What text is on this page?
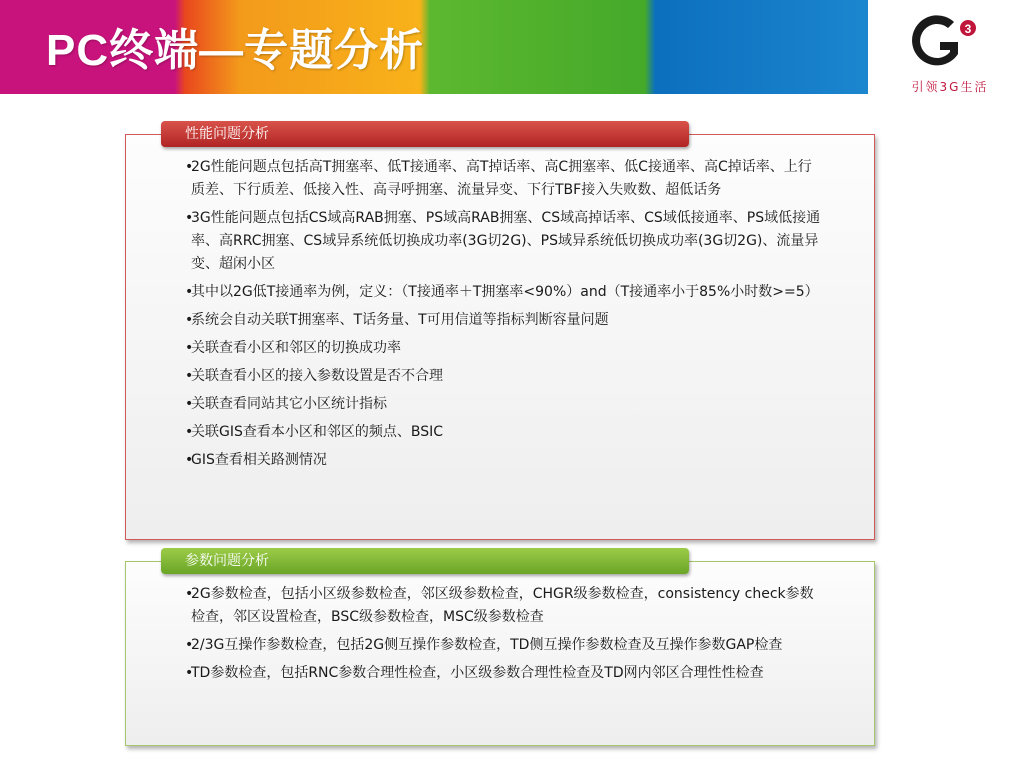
PC终端—专题分析	3
引领3G生活
性能问题分析
• 2G性能问题点包括高T拥塞率、低T接通率、高T掉话率、高C拥塞率、低C接通率、高C掉话率、上行质差、下行质差、低接入性、高寻呼拥塞、流量异变、下行TBF接入失败数、超低话务
• 3G性能问题点包括CS域高RAB拥塞、PS域高RAB拥塞、CS域高掉话率、CS域低接通率、PS域低接通率、高RRC拥塞、CS域异系统低切换成功率(3G切2G)、PS域异系统低切换成功率(3G切2G)、流量异变、超闲小区
• 其中以2G低T接通率为例，定义：（T接通率＋T拥塞率<90%）and（T接通率小于85%小时数>=5）
• 系统会自动关联T拥塞率、T话务量、T可用信道等指标判断容量问题
• 关联查看小区和邻区的切换成功率
• 关联查看小区的接入参数设置是否不合理
• 关联查看同站其它小区统计指标
• 关联GIS查看本小区和邻区的频点、BSIC
• GIS查看相关路测情况
参数问题分析
• 2G参数检查，包括小区级参数检查，邻区级参数检查，CHGR级参数检查，consistency check参数检查，邻区设置检查，BSC级参数检查，MSC级参数检查
• 2/3G互操作参数检查，包括2G侧互操作参数检查，TD侧互操作参数检查及互操作参数GAP检查
• TD参数检查，包括RNC参数合理性检查，小区级参数合理性检查及TD网内邻区合理性性检查
